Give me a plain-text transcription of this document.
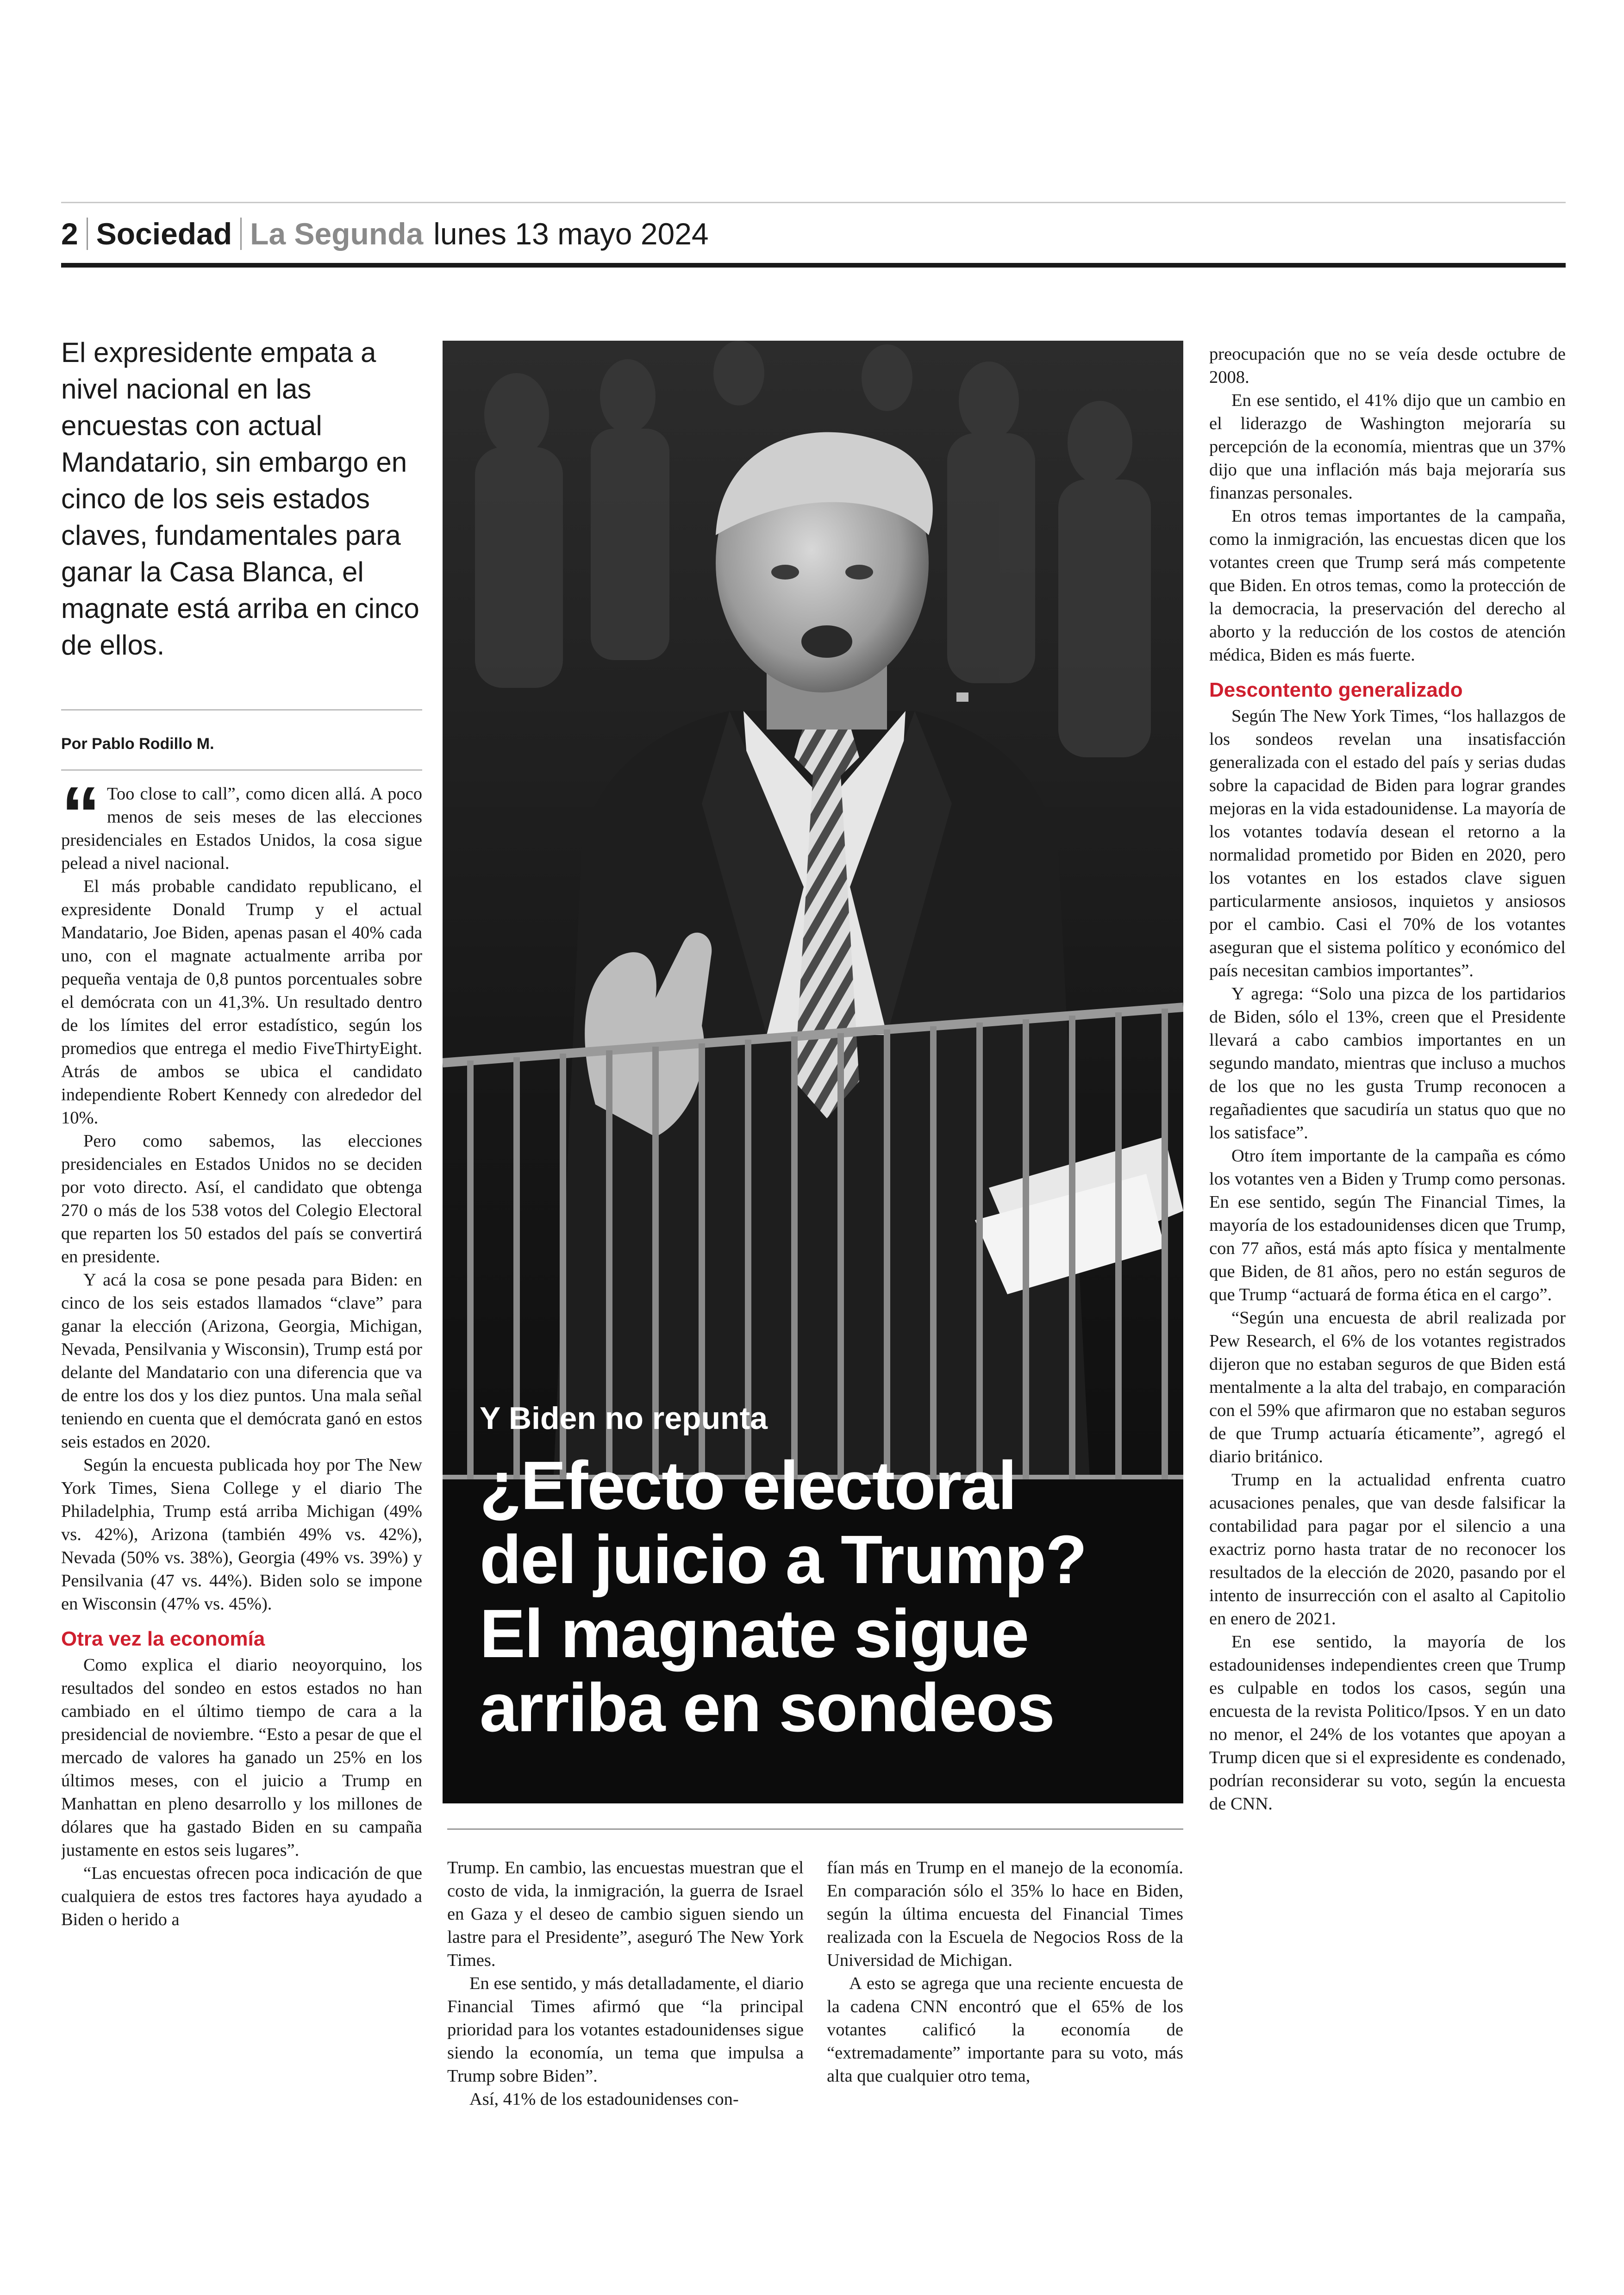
2 Sociedad La Segunda lunes 13 mayo 2024
El expresidente empata a nivel nacional en las encuestas con actual Mandatario, sin embargo en cinco de los seis estados claves, fundamentales para ganar la Casa Blanca, el magnate está arriba en cinco de ellos.
Por Pablo Rodillo M.

“ Too close to call”, como dicen allá. A poco menos de seis meses de las elecciones presidenciales en Estados Unidos, la cosa sigue pelead a nivel nacional.

El más probable candidato republicano, el expresidente Donald Trump y el actual Mandatario, Joe Biden, apenas pasan el 40% cada uno, con el magnate actualmente arriba por pequeña ventaja de 0,8 puntos porcentuales sobre el demócrata con un 41,3%. Un resultado dentro de los límites del error estadístico, según los promedios que entrega el medio FiveThirtyEight. Atrás de ambos se ubica el candidato independiente Robert Kennedy con alrededor del 10%.

Pero como sabemos, las elecciones presidenciales en Estados Unidos no se deciden por voto directo. Así, el candidato que obtenga 270 o más de los 538 votos del Colegio Electoral que reparten los 50 estados del país se convertirá en presidente.

Y acá la cosa se pone pesada para Biden: en cinco de los seis estados llamados “clave” para ganar la elección (Arizona, Georgia, Michigan, Nevada, Pensilvania y Wisconsin), Trump está por delante del Mandatario con una diferencia que va de entre los dos y los diez puntos. Una mala señal teniendo en cuenta que el demócrata ganó en estos seis estados en 2020.

Según la encuesta publicada hoy por The New York Times, Siena College y el diario The Philadelphia, Trump está arriba Michigan (49% vs. 42%), Arizona (también 49% vs. 42%), Nevada (50% vs. 38%), Georgia (49% vs. 39%) y Pensilvania (47 vs. 44%). Biden solo se impone en Wisconsin (47% vs. 45%).

Otra vez la economía

Como explica el diario neoyorquino, los resultados del sondeo en estos estados no han cambiado en el último tiempo de cara a la presidencial de noviembre. “Esto a pesar de que el mercado de valores ha ganado un 25% en los últimos meses, con el juicio a Trump en Manhattan en pleno desarrollo y los millones de dólares que ha gastado Biden en su campaña justamente en estos seis lugares”.

“Las encuestas ofrecen poca indicación de que cualquiera de estos tres factores haya ayudado a Biden o herido a

Y Biden no repunta
¿Efecto electoral
del juicio a Trump?
El magnate sigue
arriba en sondeos

Trump. En cambio, las encuestas muestran que el costo de vida, la inmigración, la guerra de Israel en Gaza y el deseo de cambio siguen siendo un lastre para el Presidente”, aseguró The New York Times.

En ese sentido, y más detalladamente, el diario Financial Times afirmó que “la principal prioridad para los votantes estadounidenses sigue siendo la economía, un tema que impulsa a Trump sobre Biden”.

Así, 41% de los estadounidenses con-

fían más en Trump en el manejo de la economía. En comparación sólo el 35% lo hace en Biden, según la última encuesta del Financial Times realizada con la Escuela de Negocios Ross de la Universidad de Michigan.

A esto se agrega que una reciente encuesta de la cadena CNN encontró que el 65% de los votantes calificó la economía de “extremadamente” importante para su voto, más alta que cualquier otro tema,

preocupación que no se veía desde octubre de 2008.

En ese sentido, el 41% dijo que un cambio en el liderazgo de Washington mejoraría su percepción de la economía, mientras que un 37% dijo que una inflación más baja mejoraría sus finanzas personales.

En otros temas importantes de la campaña, como la inmigración, las encuestas dicen que los votantes creen que Trump será más competente que Biden. En otros temas, como la protección de la democracia, la preservación del derecho al aborto y la reducción de los costos de atención médica, Biden es más fuerte.

Descontento generalizado

Según The New York Times, “los hallazgos de los sondeos revelan una insatisfacción generalizada con el estado del país y serias dudas sobre la capacidad de Biden para lograr grandes mejoras en la vida estadounidense. La mayoría de los votantes todavía desean el retorno a la normalidad prometido por Biden en 2020, pero los votantes en los estados clave siguen particularmente ansiosos, inquietos y ansiosos por el cambio. Casi el 70% de los votantes aseguran que el sistema político y económico del país necesitan cambios importantes”.

Y agrega: “Solo una pizca de los partidarios de Biden, sólo el 13%, creen que el Presidente llevará a cabo cambios importantes en un segundo mandato, mientras que incluso a muchos de los que no les gusta Trump reconocen a regañadientes que sacudiría un status quo que no los satisface”.

Otro ítem importante de la campaña es cómo los votantes ven a Biden y Trump como personas. En ese sentido, según The Financial Times, la mayoría de los estadounidenses dicen que Trump, con 77 años, está más apto física y mentalmente que Biden, de 81 años, pero no están seguros de que Trump “actuará de forma ética en el cargo”.

“Según una encuesta de abril realizada por Pew Research, el 6% de los votantes registrados dijeron que no estaban seguros de que Biden está mentalmente a la alta del trabajo, en comparación con el 59% que afirmaron que no estaban seguros de que Trump actuaría éticamente”, agregó el diario británico.

Trump en la actualidad enfrenta cuatro acusaciones penales, que van desde falsificar la contabilidad para pagar por el silencio a una exactriz porno hasta tratar de no reconocer los resultados de la elección de 2020, pasando por el intento de insurrección con el asalto al Capitolio en enero de 2021.

En ese sentido, la mayoría de los estadounidenses independientes creen que Trump es culpable en todos los casos, según una encuesta de la revista Politico/Ipsos. Y en un dato no menor, el 24% de los votantes que apoyan a Trump dicen que si el expresidente es condenado, podrían reconsiderar su voto, según la encuesta de CNN.
